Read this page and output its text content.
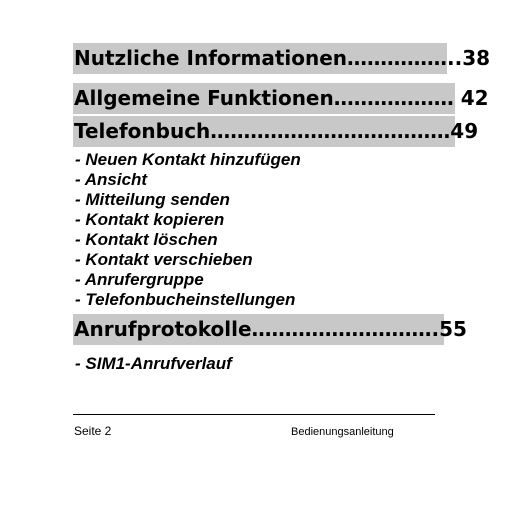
Nutzliche Informationen……………..38
Allgemeine Funktionen……………… 42
Telefonbuch………………………………49
- Neuen Kontakt hinzufügen
- Ansicht
- Mitteilung senden
- Kontakt kopieren
- Kontakt löschen
- Kontakt verschieben
- Anrufergruppe
- Telefonbucheinstellungen
Anrufprotokolle……………………….55
- SIM1-Anrufverlauf
Seite 2	Bedienungsanleitung
